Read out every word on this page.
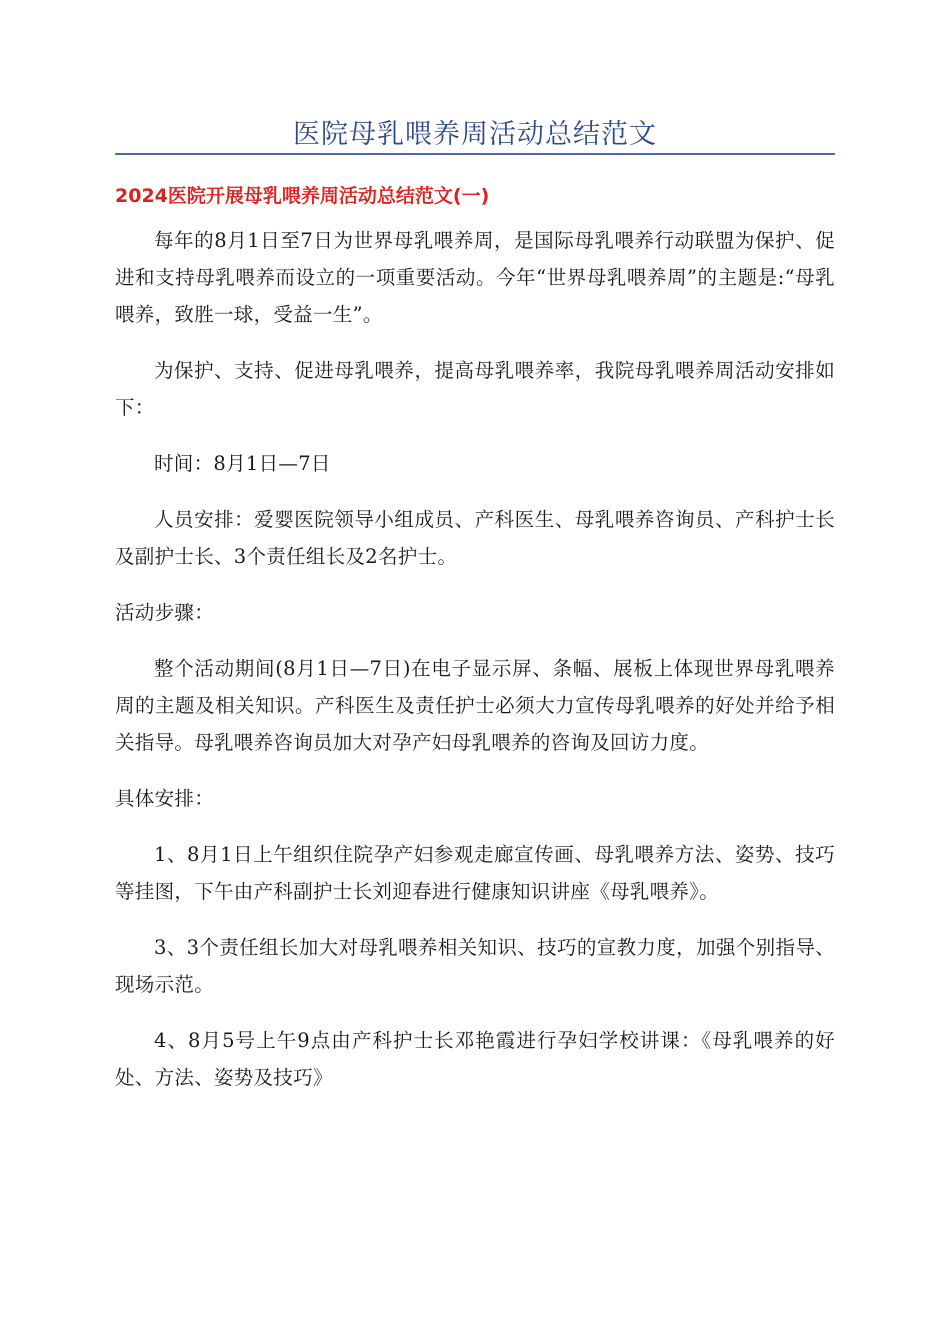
医院母乳喂养周活动总结范文
2024医院开展母乳喂养周活动总结范文(一)

每年的8月1日至7日为世界母乳喂养周，是国际母乳喂养行动联盟为保护、促进和支持母乳喂养而设立的一项重要活动。今年“世界母乳喂养周”的主题是:“母乳喂养，致胜一球，受益一生”。

为保护、支持、促进母乳喂养，提高母乳喂养率，我院母乳喂养周活动安排如下：

时间：8月1日—7日

人员安排：爱婴医院领导小组成员、产科医生、母乳喂养咨询员、产科护士长及副护士长、3个责任组长及2名护士。

活动步骤：

整个活动期间(8月1日—7日)在电子显示屏、条幅、展板上体现世界母乳喂养周的主题及相关知识。产科医生及责任护士必须大力宣传母乳喂养的好处并给予相关指导。母乳喂养咨询员加大对孕产妇母乳喂养的咨询及回访力度。

具体安排：

1、8月1日上午组织住院孕产妇参观走廊宣传画、母乳喂养方法、姿势、技巧等挂图，下午由产科副护士长刘迎春进行健康知识讲座《母乳喂养》。

3、3个责任组长加大对母乳喂养相关知识、技巧的宣教力度，加强个别指导、现场示范。

4、8月5号上午9点由产科护士长邓艳霞进行孕妇学校讲课：《母乳喂养的好处、方法、姿势及技巧》
